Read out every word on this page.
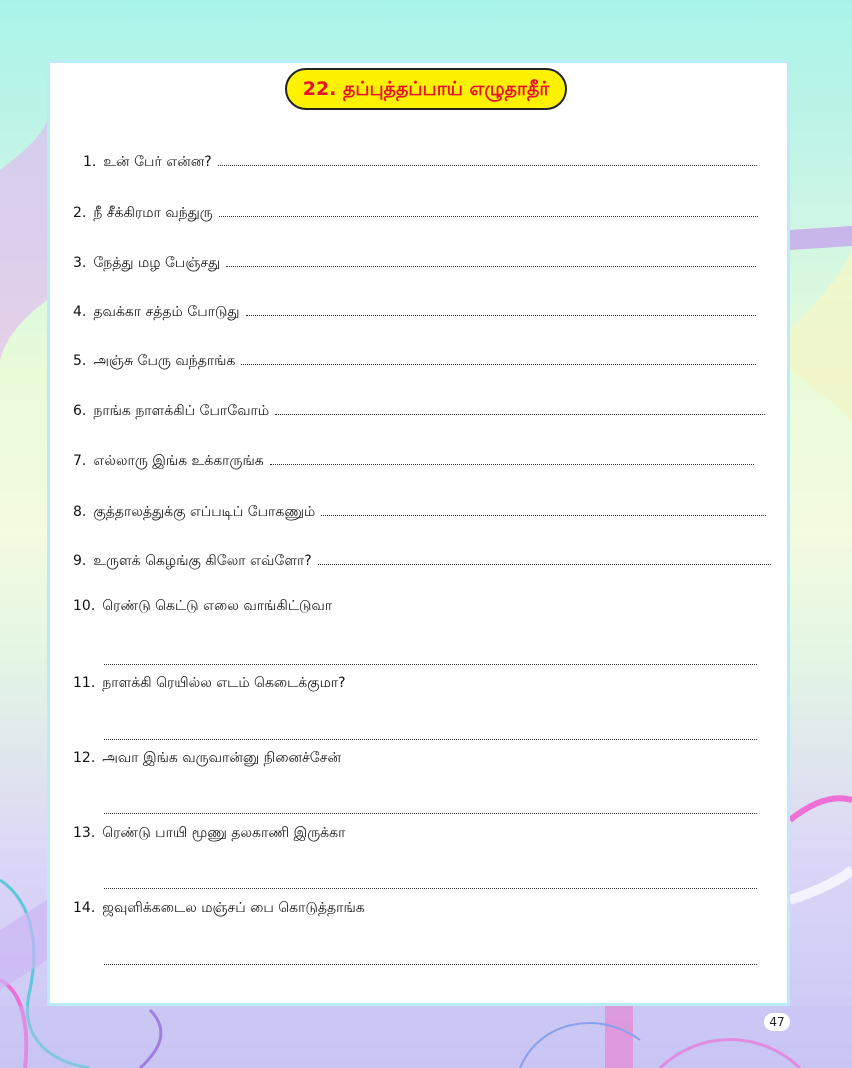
22. தப்புத்தப்பாய் எழுதாதீர்
1. உன் பேர் என்ன?
2. நீ சீக்கிரமா வந்துரு
3. நேத்து மழ பேஞ்சது
4. தவக்கா சத்தம் போடுது
5. அஞ்சு பேரு வந்தாங்க
6. நாங்க நாளக்கிப் போவோம்
7. எல்லாரு இங்க உக்காருங்க
8. குத்தாலத்துக்கு எப்படிப் போகணும்
9. உருளக் கெழங்கு கிலோ எவ்ளோ?
10. ரெண்டு கெட்டு எலை வாங்கிட்டுவா
11. நாளக்கி ரெயில்ல எடம் கெடைக்குமா?
12. அவா இங்க வருவான்னு நினைச்சேன்
13. ரெண்டு பாயி மூணு தலகாணி இருக்கா
14. ஜவுளிக்கடைல மஞ்சப் பை கொடுத்தாங்க
47
